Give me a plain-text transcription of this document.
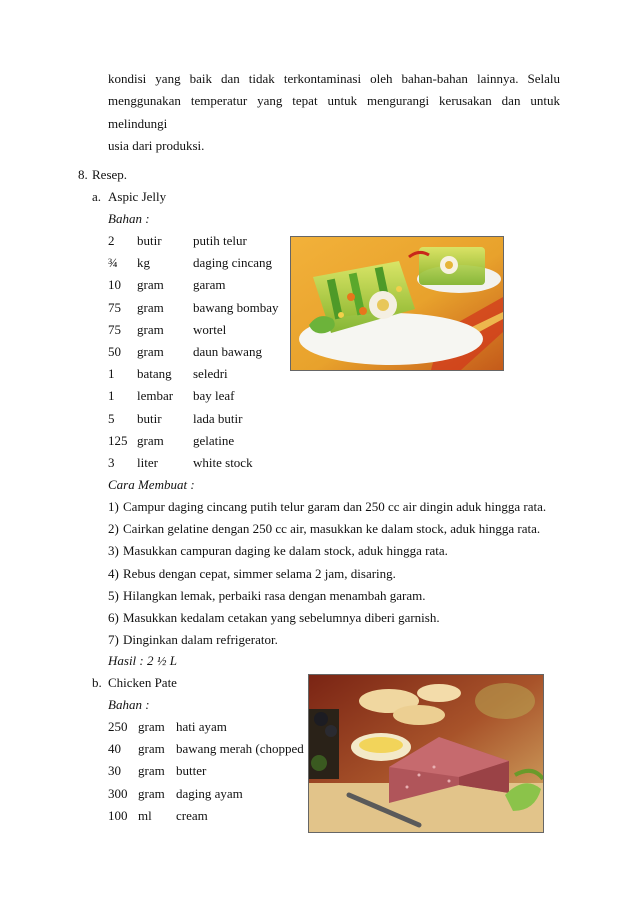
kondisi yang baik dan tidak terkontaminasi oleh bahan-bahan lainnya. Selalu
menggunakan temperatur yang tepat untuk mengurangi kerusakan dan untuk melindungi
usia dari produksi.
8. Resep.
a. Aspic Jelly
Bahan :
2 butir putih telur
¾ kg	daging cincang
10 gram garam
75 gram bawang bombay
75 gram wortel
50 gram daun bawang
1 batang seledri
1 lembar bay leaf
5 butir lada butir
125 gram gelatine
3 liter	white stock
Cara Membuat :
1) Campur daging cincang putih telur garam dan 250 cc air dingin aduk hingga rata.
2) Cairkan gelatine dengan 250 cc air, masukkan ke dalam stock, aduk hingga rata.
3) Masukkan campuran daging ke dalam stock, aduk hingga rata.
4) Rebus dengan cepat, simmer selama 2 jam, disaring.
5) Hilangkan lemak, perbaiki rasa dengan menambah garam.
6) Masukkan kedalam cetakan yang sebelumnya diberi garnish.
7) Dinginkan dalam refrigerator.
Hasil : 2 ½ L
b. Chicken Pate
Bahan :
250 gram hati ayam
40 gram bawang merah (chopped
30 gram butter
300 gram daging ayam
100 ml cream
